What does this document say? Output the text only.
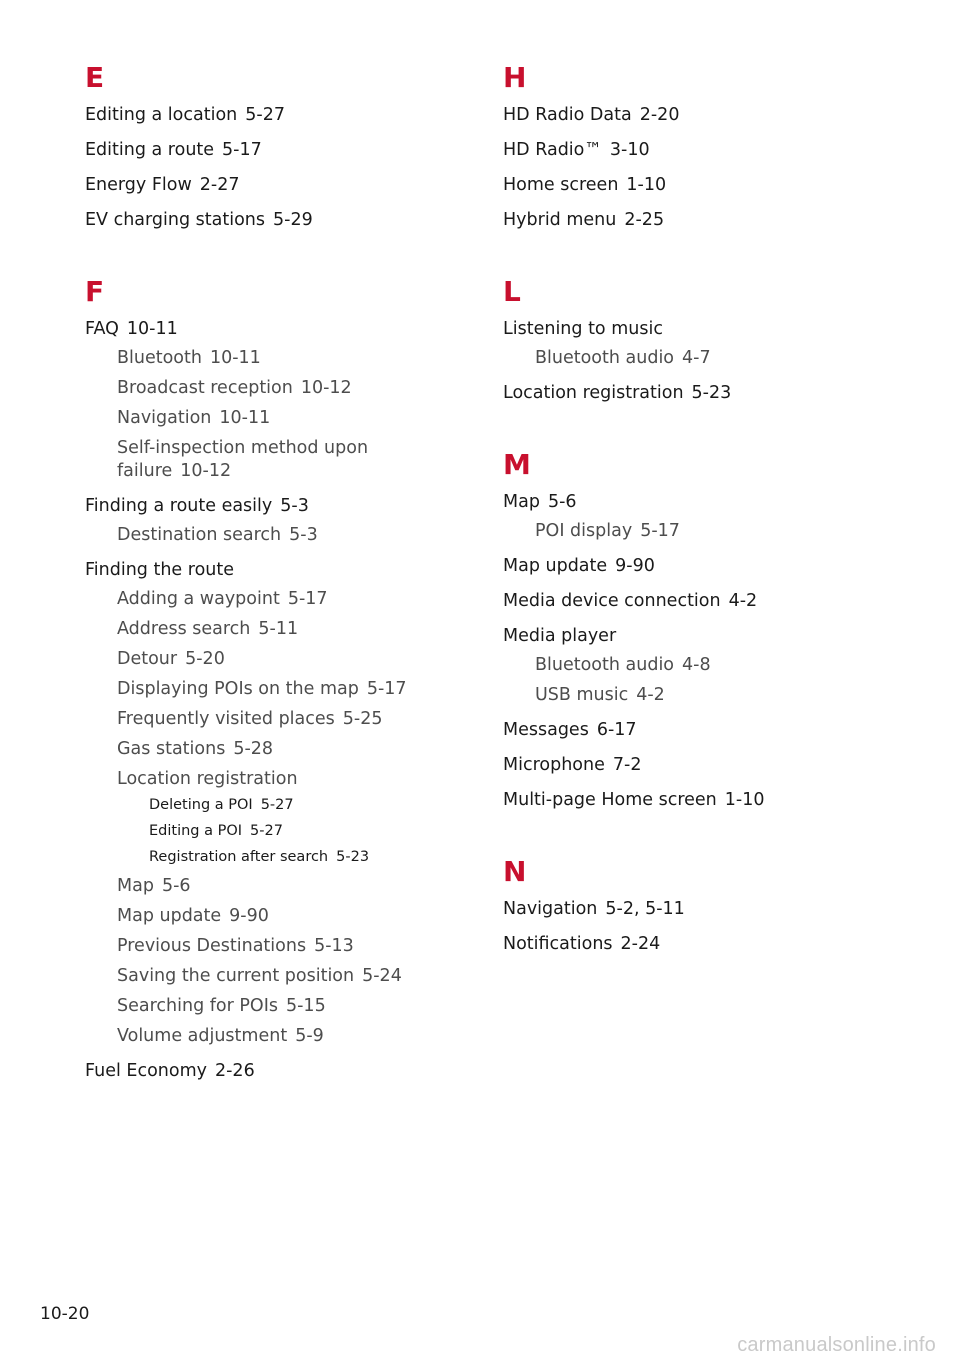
E
Editing a location 5-27
Editing a route 5-17
Energy Flow 2-27
EV charging stations 5-29
F
FAQ 10-11
Bluetooth 10-11
Broadcast reception 10-12
Navigation 10-11
Self-inspection method upon
failure 10-12
Finding a route easily 5-3
Destination search 5-3
Finding the route
Adding a waypoint 5-17
Address search 5-11
Detour 5-20
Displaying POIs on the map 5-17
Frequently visited places 5-25
Gas stations 5-28
Location registration
Deleting a POI 5-27
Editing a POI 5-27
Registration after search 5-23
Map 5-6
Map update 9-90
Previous Destinations 5-13
Saving the current position 5-24
Searching for POIs 5-15
Volume adjustment 5-9
Fuel Economy 2-26
H
HD Radio Data 2-20
HD Radio™ 3-10
Home screen 1-10
Hybrid menu 2-25
L
Listening to music
Bluetooth audio 4-7
Location registration 5-23
M
Map 5-6
POI display 5-17
Map update 9-90
Media device connection 4-2
Media player
Bluetooth audio 4-8
USB music 4-2
Messages 6-17
Microphone 7-2
Multi-page Home screen 1-10
N
Navigation 5-2, 5-11
Notifications 2-24
10-20
carmanualsonline.info
